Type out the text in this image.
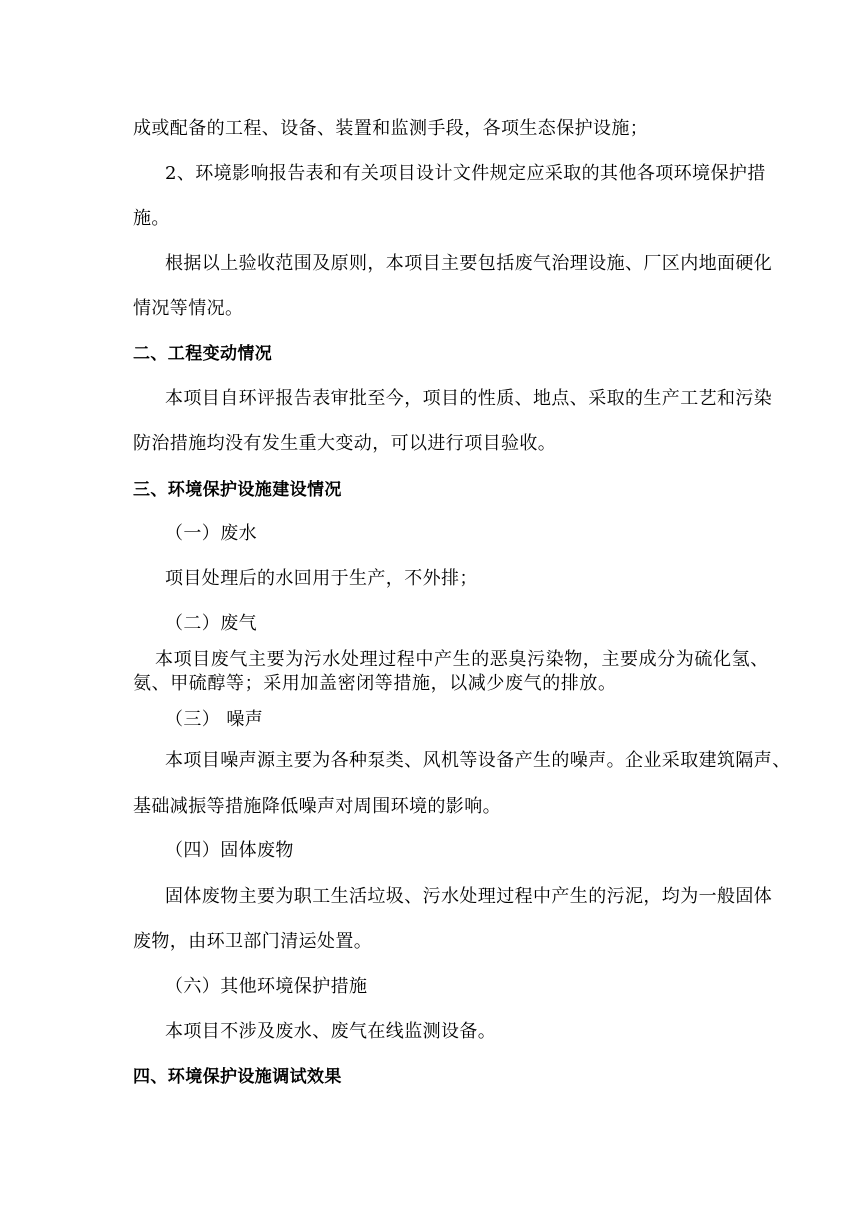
成或配备的工程、设备、装置和监测手段，各项生态保护设施；
2、环境影响报告表和有关项目设计文件规定应采取的其他各项环境保护措
施。
根据以上验收范围及原则，本项目主要包括废气治理设施、厂区内地面硬化
情况等情况。
二、工程变动情况
本项目自环评报告表审批至今，项目的性质、地点、采取的生产工艺和污染
防治措施均没有发生重大变动，可以进行项目验收。
三、环境保护设施建设情况
（一）废水
项目处理后的水回用于生产，不外排；
（二）废气
本项目废气主要为污水处理过程中产生的恶臭污染物，主要成分为硫化氢、
氨、甲硫醇等；采用加盖密闭等措施，以减少废气的排放。
（三） 噪声
本项目噪声源主要为各种泵类、风机等设备产生的噪声。企业采取建筑隔声、
基础减振等措施降低噪声对周围环境的影响。
（四）固体废物
固体废物主要为职工生活垃圾、污水处理过程中产生的污泥，均为一般固体
废物，由环卫部门清运处置。
（六）其他环境保护措施
本项目不涉及废水、废气在线监测设备。
四、环境保护设施调试效果
